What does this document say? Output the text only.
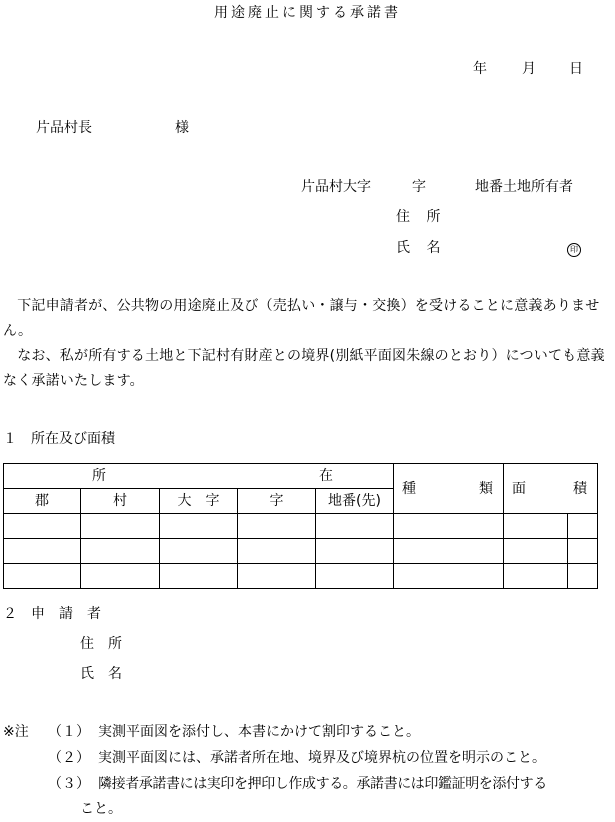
用途廃止に関する承諾書
年	月 日
片品村長	様
片品村大字	字	地番土地所有者
住 所
氏 名	印
　下記申請者が、公共物の用途廃止及び（売払い・譲与・交換）を受けることに意義ありません。
　なお、私が所有する土地と下記村有財産との境界(別紙平面図朱線のとおり）についても意義なく承諾いたします。
１　所在及び面積
所 在					種 類	面 積	

郡	村	大　字	字	地番(先)			

２　申　請　者
住　所
氏　名
※注 （１） 実測平面図を添付し、本書にかけて割印すること。
（２） 実測平面図には、承諾者所在地、境界及び境界杭の位置を明示のこと。
（３） 隣接者承諾書には実印を押印し作成する。承諾書には印鑑証明を添付する
こと。
